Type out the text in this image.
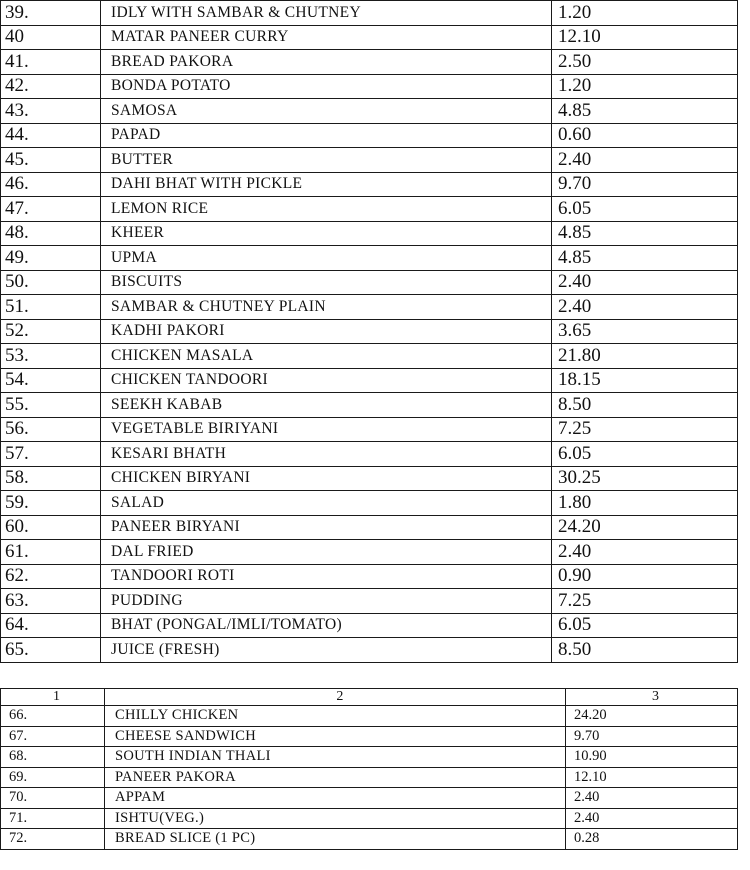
39.	IDLY WITH SAMBAR & CHUTNEY	1.20
40	MATAR PANEER CURRY	12.10
41.	BREAD PAKORA	2.50
42.	BONDA POTATO	1.20
43.	SAMOSA	4.85
44.	PAPAD	0.60
45.	BUTTER	2.40
46.	DAHI BHAT WITH PICKLE	9.70
47.	LEMON RICE	6.05
48.	KHEER	4.85
49.	UPMA	4.85
50.	BISCUITS	2.40
51.	SAMBAR & CHUTNEY PLAIN	2.40
52.	KADHI PAKORI	3.65
53.	CHICKEN MASALA	21.80
54.	CHICKEN TANDOORI	18.15
55.	SEEKH KABAB	8.50
56.	VEGETABLE BIRIYANI	7.25
57.	KESARI BHATH	6.05
58.	CHICKEN BIRYANI	30.25
59.	SALAD	1.80
60.	PANEER BIRYANI	24.20
61.	DAL FRIED	2.40
62.	TANDOORI ROTI	0.90
63.	PUDDING	7.25
64.	BHAT (PONGAL/IMLI/TOMATO)	6.05
65.	JUICE (FRESH)	8.50
1	2	3
66.	CHILLY CHICKEN	24.20
67.	CHEESE SANDWICH	9.70
68.	SOUTH INDIAN THALI	10.90
69.	PANEER PAKORA	12.10
70.	APPAM	2.40
71.	ISHTU(VEG.)	2.40
72.	BREAD SLICE (1 PC)	0.28
